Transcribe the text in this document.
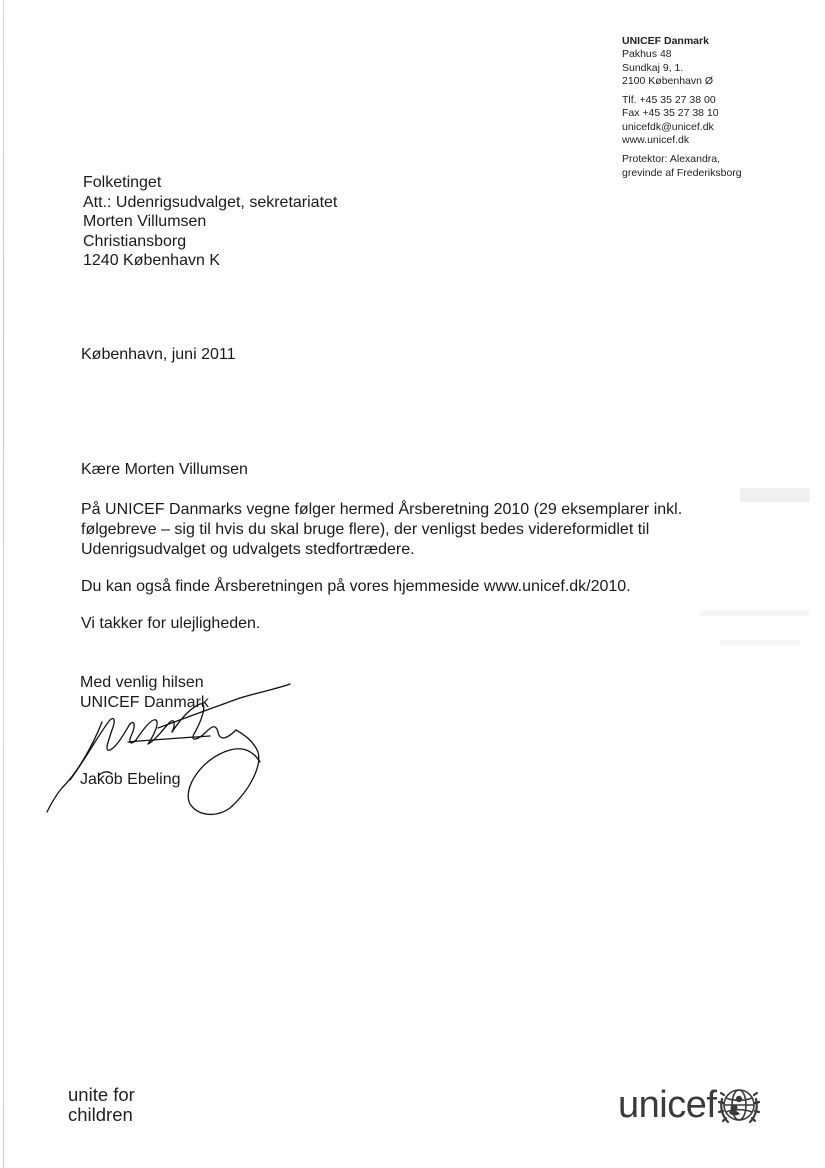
UNICEF Danmark
Pakhus 48
Sundkaj 9, 1.
2100 København Ø
Tlf. +45 35 27 38 00
Fax +45 35 27 38 10
unicefdk@unicef.dk
www.unicef.dk
Protektor: Alexandra,
grevinde af Frederiksborg
Folketinget
Att.: Udenrigsudvalget, sekretariatet
Morten Villumsen
Christiansborg
1240 København K
København, juni 2011
Kære Morten Villumsen

På UNICEF Danmarks vegne følger hermed Årsberetning 2010 (29 eksemplarer inkl.
følgebreve – sig til hvis du skal bruge flere), der venligst bedes videreformidlet til
Udenrigsudvalget og udvalgets stedfortrædere.

Du kan også finde Årsberetningen på vores hjemmeside www.unicef.dk/2010.

Vi takker for ulejligheden.

Med venlig hilsen
UNICEF Danmark
Jakob Ebeling
unite for
children	unicef
